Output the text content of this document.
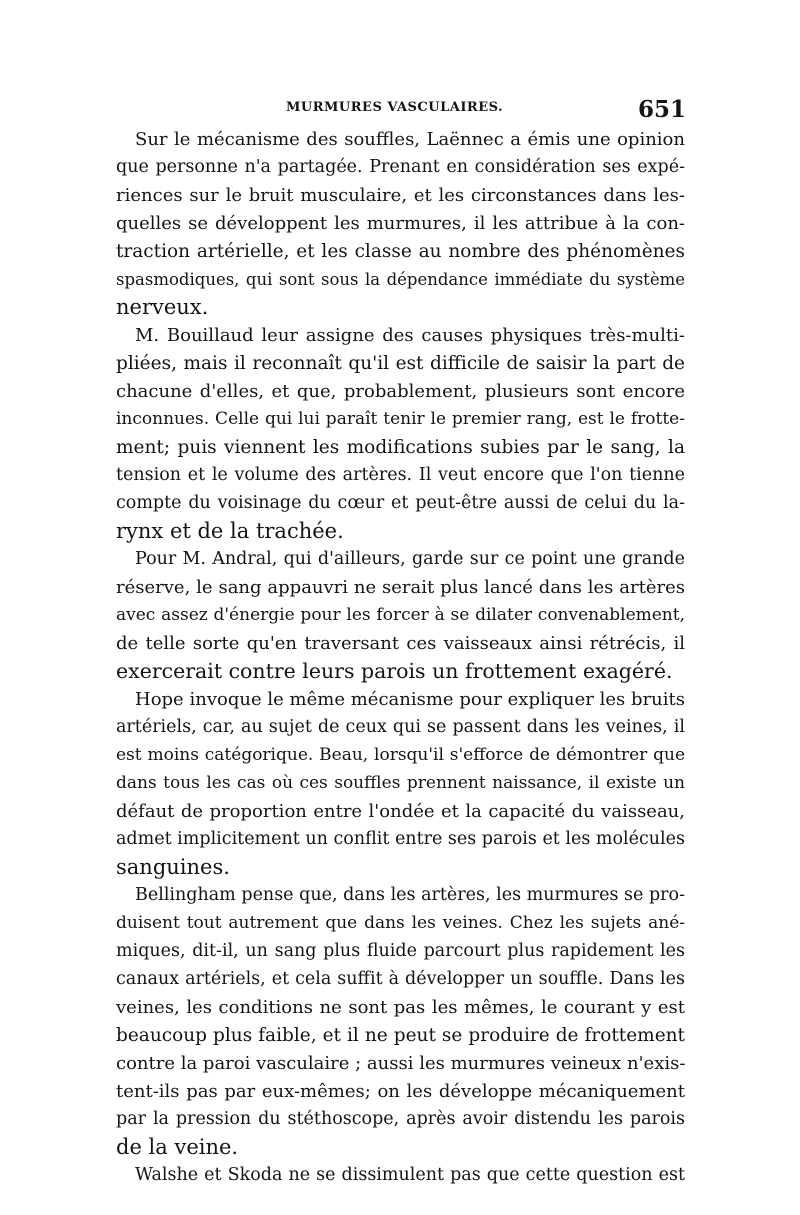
MURMURES VASCULAIRES.	651
Sur le mécanisme des souffles, Laënnec a émis une opinion
que personne n'a partagée. Prenant en considération ses expé-
riences sur le bruit musculaire, et les circonstances dans les-
quelles se développent les murmures, il les attribue à la con-
traction artérielle, et les classe au nombre des phénomènes
spasmodiques, qui sont sous la dépendance immédiate du système
nerveux.
M. Bouillaud leur assigne des causes physiques très-multi-
pliées, mais il reconnaît qu'il est difficile de saisir la part de
chacune d'elles, et que, probablement, plusieurs sont encore
inconnues. Celle qui lui paraît tenir le premier rang, est le frotte-
ment; puis viennent les modifications subies par le sang, la
tension et le volume des artères. Il veut encore que l'on tienne
compte du voisinage du cœur et peut-être aussi de celui du la-
rynx et de la trachée.
Pour M. Andral, qui d'ailleurs, garde sur ce point une grande
réserve, le sang appauvri ne serait plus lancé dans les artères
avec assez d'énergie pour les forcer à se dilater convenablement,
de telle sorte qu'en traversant ces vaisseaux ainsi rétrécis, il
exercerait contre leurs parois un frottement exagéré.
Hope invoque le même mécanisme pour expliquer les bruits
artériels, car, au sujet de ceux qui se passent dans les veines, il
est moins catégorique. Beau, lorsqu'il s'efforce de démontrer que
dans tous les cas où ces souffles prennent naissance, il existe un
défaut de proportion entre l'ondée et la capacité du vaisseau,
admet implicitement un conflit entre ses parois et les molécules
sanguines.
Bellingham pense que, dans les artères, les murmures se pro-
duisent tout autrement que dans les veines. Chez les sujets ané-
miques, dit-il, un sang plus fluide parcourt plus rapidement les
canaux artériels, et cela suffit à développer un souffle. Dans les
veines, les conditions ne sont pas les mêmes, le courant y est
beaucoup plus faible, et il ne peut se produire de frottement
contre la paroi vasculaire ; aussi les murmures veineux n'exis-
tent-ils pas par eux-mêmes; on les développe mécaniquement
par la pression du stéthoscope, après avoir distendu les parois
de la veine.
Walshe et Skoda ne se dissimulent pas que cette question est
